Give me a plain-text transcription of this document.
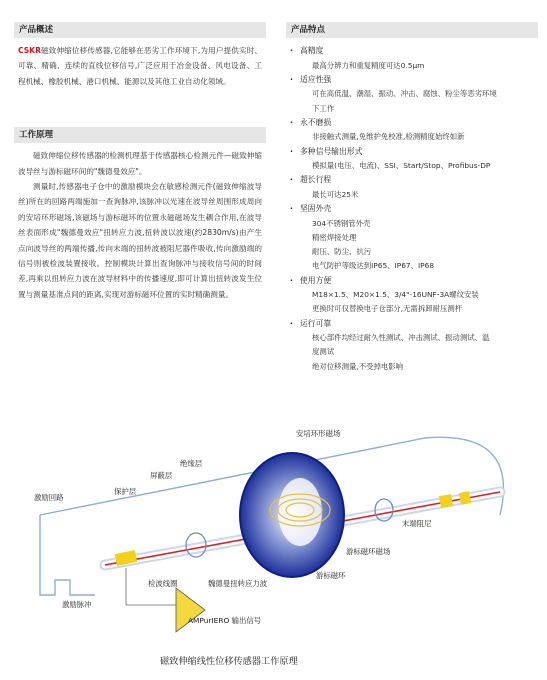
产品概述

CSKR磁致伸缩位移传感器,它能够在恶劣工作环境下,为用户提供实时、可靠、精确、连续的直线位移信号,广泛应用于冶金设备、风电设备、工程机械、橡胶机械、港口机械、能源以及其他工业自动化领域。

工作原理

磁致伸缩位移传感器的检测机理基于传感器核心检测元件—磁致伸缩波导丝与游标磁环间的"魏德曼效应"。

测量时,传感器电子仓中的激励模块会在敏感检测元件(磁致伸缩波导丝)所在的回路两端施加一查询脉冲,该脉冲以光速在波导丝周围形成周向的安培环形磁场,该磁场与游标磁环的位置永磁磁场发生耦合作用,在波导丝表面形成"魏德曼效应"扭转应力波,扭转波以波速(约2830m/s)由产生点向波导丝的两端传播,传向末端的扭转波被阻尼器件吸收,传向激励端的信号则被检波装置接收。控制模块计算出查询脉冲与接收信号间的时间差,再乘以扭转应力波在波导材料中的传播速度,即可计算出扭转波发生位置与测量基准点间的距离,实现对游标磁环位置的实时精确测量。

产品特点
· 高精度
最高分辨力和重复精度可达0.5μm
· 适应性强
可在高低温、潮湿、振动、冲击、腐蚀、粉尘等恶劣环境
下工作
· 永不磨损
非接触式测量,免维护免校准,检测精度始终如新
· 多种信号输出形式
模拟量(电压、电流)、SSI、Start/Stop、Profibus-DP
· 超长行程
最长可达25米
· 坚固外壳
304不锈钢管外壳
精密焊接处理
耐压、防尘、抗污
电气防护等级达到IP65、IP67、IP68
· 使用方便
M18×1.5、M20×1.5、3/4"-16UNF-3A螺纹安装
更换时可仅替换电子仓部分,无需拆卸耐压测杆
· 运行可靠
核心部件均经过耐久性测试、冲击测试、振动测试、温
度测试
绝对位移测量,不受掉电影响
安培环形磁场
绝缘层
屏蔽层
保护层
激励回路
末端阻尼
游标磁环磁场
游标磁环
检波线圈	魏德曼扭转应力波
激励脉冲
AMPurIERO 输出信号
磁致伸缩线性位移传感器工作原理
